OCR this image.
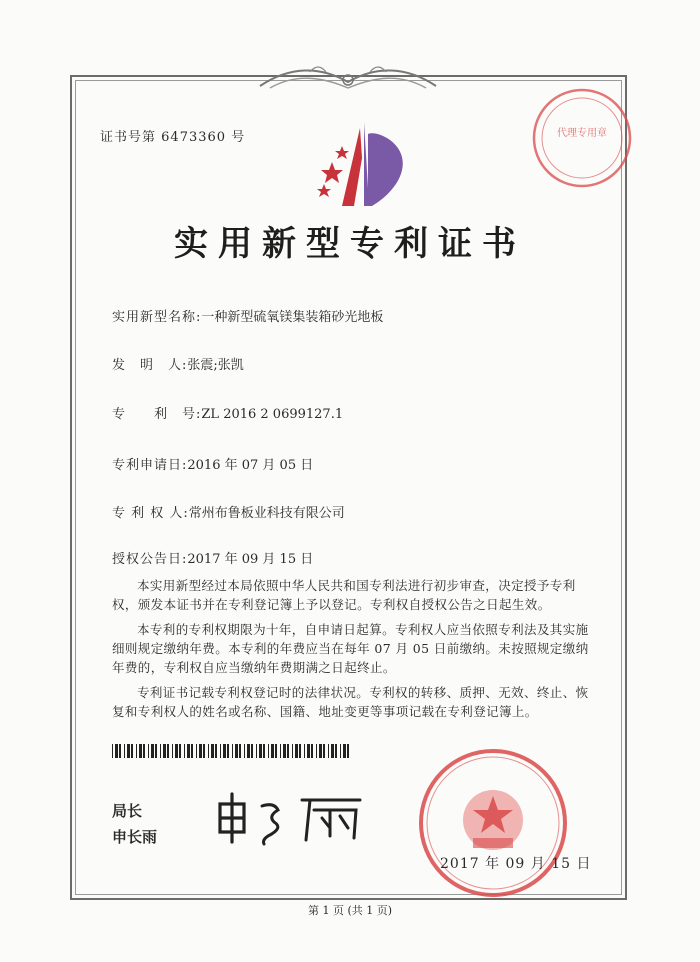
证书号第 6473360 号	代理专用章
实用新型专利证书
实用新型名称:一种新型硫氧镁集装箱砂光地板
发　明　人:张震;张凯
专　　利　号:ZL 2016 2 0699127.1
专利申请日:2016 年 07 月 05 日
专 利 权 人:常州布鲁板业科技有限公司
授权公告日:2017 年 09 月 15 日

本实用新型经过本局依照中华人民共和国专利法进行初步审查，决定授予专利权，颁发本证书并在专利登记簿上予以登记。专利权自授权公告之日起生效。

本专利的专利权期限为十年，自申请日起算。专利权人应当依照专利法及其实施细则规定缴纳年费。本专利的年费应当在每年 07 月 05 日前缴纳。未按照规定缴纳年费的，专利权自应当缴纳年费期满之日起终止。

专利证书记载专利权登记时的法律状况。专利权的转移、质押、无效、终止、恢复和专利权人的姓名或名称、国籍、地址变更等事项记载在专利登记簿上。

局长
申长雨
2017 年 09 月 15 日
第 1 页 (共 1 页)
